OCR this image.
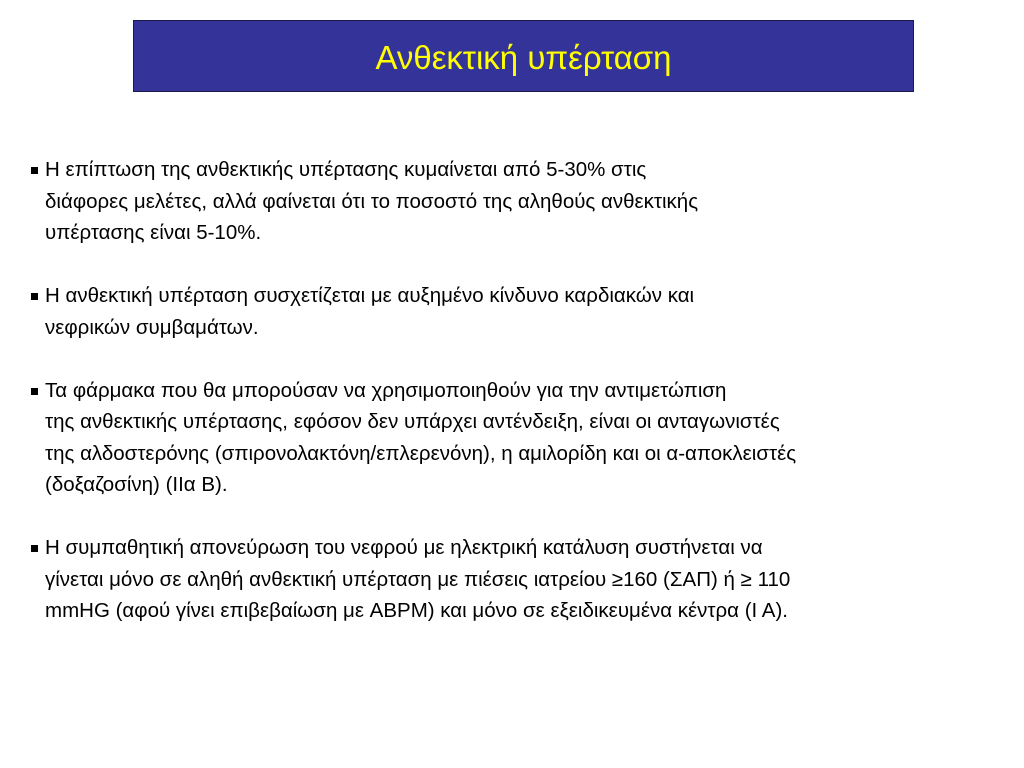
Ανθεκτική υπέρταση
Η επίπτωση της ανθεκτικής υπέρτασης κυμαίνεται από 5-30% στις
διάφορες μελέτες, αλλά φαίνεται ότι το ποσοστό της αληθούς ανθεκτικής
υπέρτασης είναι 5-10%.
Η ανθεκτική υπέρταση συσχετίζεται με αυξημένο κίνδυνο καρδιακών και
νεφρικών συμβαμάτων.
Τα φάρμακα που θα μπορούσαν να χρησιμοποιηθούν για την αντιμετώπιση
της ανθεκτικής υπέρτασης, εφόσον δεν υπάρχει αντένδειξη, είναι οι ανταγωνιστές
της αλδοστερόνης (σπιρονολακτόνη/επλερενόνη), η αμιλορίδη και οι α-αποκλειστές
(δοξαζοσίνη) (IIα Β).
Η συμπαθητική απονεύρωση του νεφρού με ηλεκτρική κατάλυση συστήνεται να
γίνεται μόνο σε αληθή ανθεκτική υπέρταση με πιέσεις ιατρείου ≥160 (ΣΑΠ) ή ≥ 110
mmHG (αφού γίνει επιβεβαίωση με ABPM) και μόνο σε εξειδικευμένα κέντρα (I A).
